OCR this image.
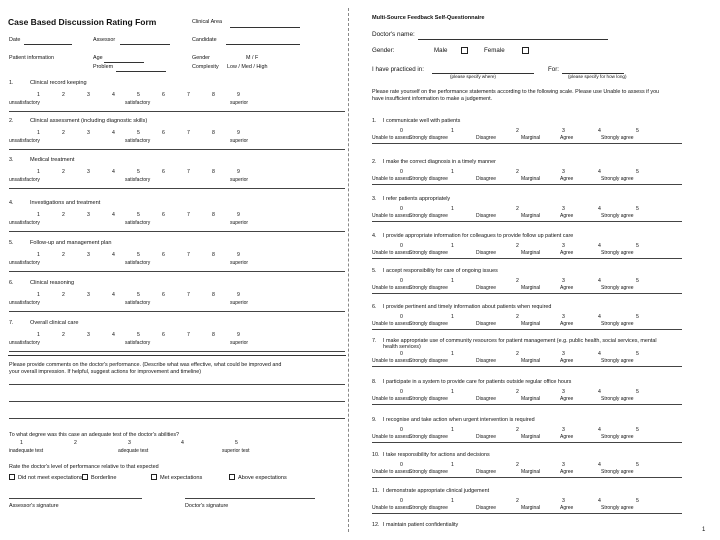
Case Based Discussion Rating Form	Clinical Area
Date	Assessor	Candidate
Patient information	Age	Gender	M / F
Problem	Complexity Low / Med / High
1.	Clinical record keeping
1	2	3	4	5	6	7	8	9
unsatisfactory	satisfactory	superior
2.	Clinical assessment (including diagnostic skills)
1	2	3	4	5	6	7	8	9
unsatisfactory	satisfactory	superior
3.	Medical treatment
1	2	3	4	5	6	7	8	9
unsatisfactory	satisfactory	superior
4.	Investigations and treatment
1	2	3	4	5	6	7	8	9
unsatisfactory	satisfactory	superior
5.	Follow-up and management plan
1	2	3	4	5	6	7	8	9
unsatisfactory	satisfactory	superior
6.	Clinical reasoning
1	2	3	4	5	6	7	8	9
unsatisfactory	satisfactory	superior
7.	Overall clinical care
1	2	3	4	5	6	7	8	9
unsatisfactory	satisfactory	superior
Please provide comments on the doctor's performance. (Describe what was effective, what could be improved and
your overall impression. If helpful, suggest actions for improvement and timeline)
To what degree was this case an adequate test of the doctor's abilities?
1	2	3	4	5
inadequate test	adequate test	superior test
Rate the doctor's level of performance relative to that expected
Did not meet expectations	Borderline	Met expectations	Above expectations
Assessor's signature	Doctor's signature
Multi-Source Feedback Self-Questionnaire
Doctor's name:
Gender:	Male	Female
I have practiced in:
(please specify where)
For:
(please specify for how long)
Please rate yourself on the performance statements according to the following scale. Please use Unable to assess if you
have insufficient information to make a judgement.
1. I communicate well with patients
0	1	2	3	4	5
Unable to assess
Strongly disagree	Disagree	Marginal	Agree	Strongly agree
2. I make the correct diagnosis in a timely manner
0	1	2	3	4	5
Unable to assess
Strongly disagree	Disagree	Marginal	Agree	Strongly agree
3. I refer patients appropriately
0	1	2	3	4	5
Unable to assess
Strongly disagree	Disagree	Marginal	Agree	Strongly agree
4. I provide appropriate information for colleagues to provide follow up patient care
0	1	2	3	4	5
Unable to assess
Strongly disagree	Disagree	Marginal	Agree	Strongly agree
5. I accept responsibility for care of ongoing issues
0	1	2	3	4	5
Unable to assess
Strongly disagree	Disagree	Marginal	Agree	Strongly agree
6. I provide pertinent and timely information about patients when required
0	1	2	3	4	5
Unable to assess
Strongly disagree	Disagree	Marginal	Agree	Strongly agree
7. I make appropriate use of community resources for patient management (e.g. public health, social services, mental
health services)
0	1	2	3	4	5
Unable to assess
Strongly disagree	Disagree	Marginal	Agree	Strongly agree
8. I participate in a system to provide care for patients outside regular office hours
0	1	2	3	4	5
Unable to assess
Strongly disagree	Disagree	Marginal	Agree	Strongly agree
9. I recognise and take action when urgent intervention is required
0	1	2	3	4	5
Unable to assess
Strongly disagree	Disagree	Marginal	Agree	Strongly agree
10. I take responsibility for actions and decisions
0	1	2	3	4	5
Unable to assess
Strongly disagree	Disagree	Marginal	Agree	Strongly agree
11. I demonstrate appropriate clinical judgement
0	1	2	3	4	5
Unable to assess
Strongly disagree	Disagree	Marginal	Agree	Strongly agree
12. I maintain patient confidentiality
1
